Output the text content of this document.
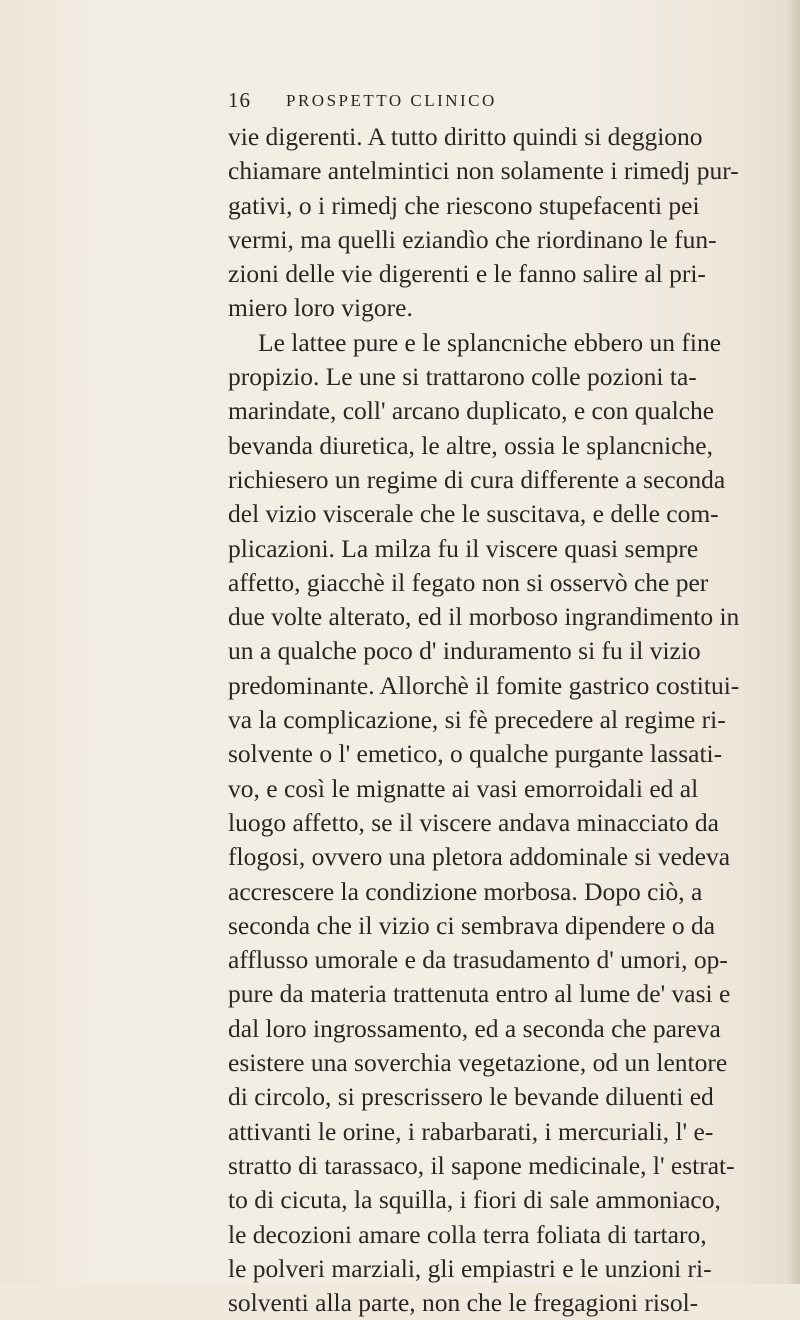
16 PROSPETTO CLINICO
vie digerenti. A tutto diritto quindi si deggiono
chiamare antelmintici non solamente i rimedj pur-
gativi, o i rimedj che riescono stupefacenti pei
vermi, ma quelli eziandìo che riordinano le fun-
zioni delle vie digerenti e le fanno salire al pri-
miero loro vigore.
Le lattee pure e le splancniche ebbero un fine
propizio. Le une si trattarono colle pozioni ta-
marindate, coll' arcano duplicato, e con qualche
bevanda diuretica, le altre, ossia le splancniche,
richiesero un regime di cura differente a seconda
del vizio viscerale che le suscitava, e delle com-
plicazioni. La milza fu il viscere quasi sempre
affetto, giacchè il fegato non si osservò che per
due volte alterato, ed il morboso ingrandimento in
un a qualche poco d' induramento si fu il vizio
predominante. Allorchè il fomite gastrico costitui-
va la complicazione, si fè precedere al regime ri-
solvente o l' emetico, o qualche purgante lassati-
vo, e così le mignatte ai vasi emorroidali ed al
luogo affetto, se il viscere andava minacciato da
flogosi, ovvero una pletora addominale si vedeva
accrescere la condizione morbosa. Dopo ciò, a
seconda che il vizio ci sembrava dipendere o da
afflusso umorale e da trasudamento d' umori, op-
pure da materia trattenuta entro al lume de' vasi e
dal loro ingrossamento, ed a seconda che pareva
esistere una soverchia vegetazione, od un lentore
di circolo, si prescrissero le bevande diluenti ed
attivanti le orine, i rabarbarati, i mercuriali, l' e-
stratto di tarassaco, il sapone medicinale, l' estrat-
to di cicuta, la squilla, i fiori di sale ammoniaco,
le decozioni amare colla terra foliata di tartaro,
le polveri marziali, gli empiastri e le unzioni ri-
solventi alla parte, non che le fregagioni risol-
